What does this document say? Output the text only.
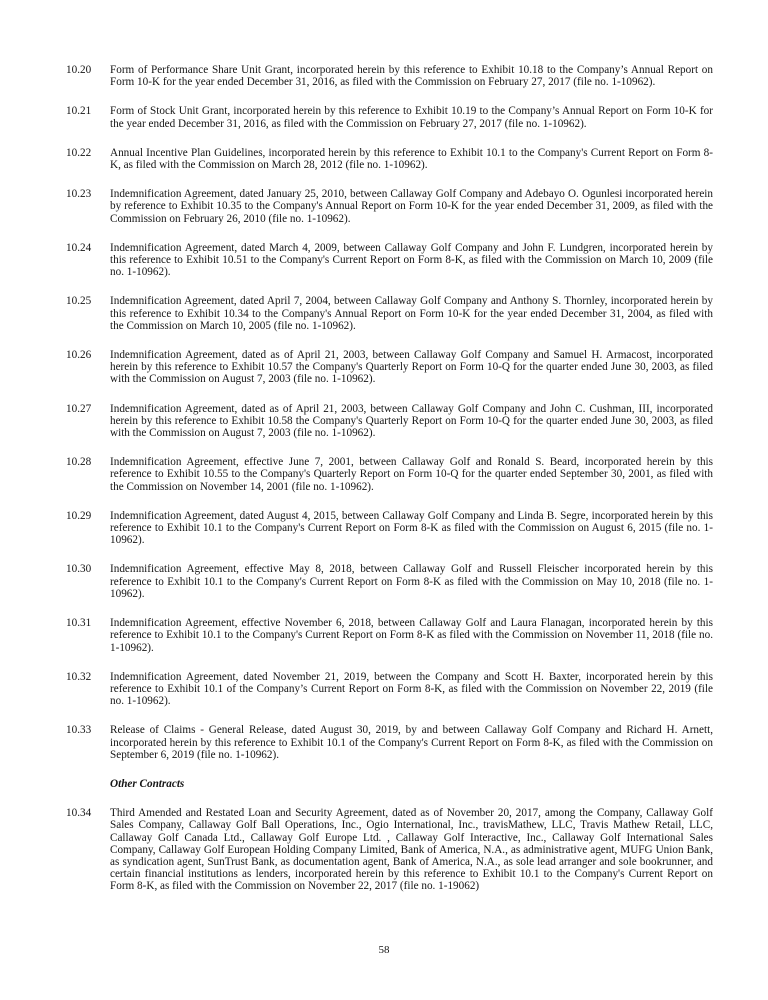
10.20	Form of Performance Share Unit Grant, incorporated herein by this reference to Exhibit 10.18 to the Company’s Annual Report on Form 10-K for the year ended December 31, 2016, as filed with the Commission on February 27, 2017 (file no. 1-10962).

10.21	Form of Stock Unit Grant, incorporated herein by this reference to Exhibit 10.19 to the Company’s Annual Report on Form 10-K for the year ended December 31, 2016, as filed with the Commission on February 27, 2017 (file no. 1-10962).

10.22	Annual Incentive Plan Guidelines, incorporated herein by this reference to Exhibit 10.1 to the Company's Current Report on Form 8-K, as filed with the Commission on March 28, 2012 (file no. 1-10962).

10.23	Indemnification Agreement, dated January 25, 2010, between Callaway Golf Company and Adebayo O. Ogunlesi incorporated herein by reference to Exhibit 10.35 to the Company's Annual Report on Form 10-K for the year ended December 31, 2009, as filed with the Commission on February 26, 2010 (file no. 1-10962).

10.24	Indemnification Agreement, dated March 4, 2009, between Callaway Golf Company and John F. Lundgren, incorporated herein by this reference to Exhibit 10.51 to the Company's Current Report on Form 8-K, as filed with the Commission on March 10, 2009 (file no. 1-10962).

10.25	Indemnification Agreement, dated April 7, 2004, between Callaway Golf Company and Anthony S. Thornley, incorporated herein by this reference to Exhibit 10.34 to the Company's Annual Report on Form 10-K for the year ended December 31, 2004, as filed with the Commission on March 10, 2005 (file no. 1-10962).

10.26	Indemnification Agreement, dated as of April 21, 2003, between Callaway Golf Company and Samuel H. Armacost, incorporated herein by this reference to Exhibit 10.57 the Company's Quarterly Report on Form 10-Q for the quarter ended June 30, 2003, as filed with the Commission on August 7, 2003 (file no. 1-10962).

10.27	Indemnification Agreement, dated as of April 21, 2003, between Callaway Golf Company and John C. Cushman, III, incorporated herein by this reference to Exhibit 10.58 the Company's Quarterly Report on Form 10-Q for the quarter ended June 30, 2003, as filed with the Commission on August 7, 2003 (file no. 1-10962).

10.28	Indemnification Agreement, effective June 7, 2001, between Callaway Golf and Ronald S. Beard, incorporated herein by this reference to Exhibit 10.55 to the Company's Quarterly Report on Form 10-Q for the quarter ended September 30, 2001, as filed with the Commission on November 14, 2001 (file no. 1-10962).

10.29	Indemnification Agreement, dated August 4, 2015, between Callaway Golf Company and Linda B. Segre, incorporated herein by this reference to Exhibit 10.1 to the Company's Current Report on Form 8-K as filed with the Commission on August 6, 2015 (file no. 1-10962).

10.30	Indemnification Agreement, effective May 8, 2018, between Callaway Golf and Russell Fleischer incorporated herein by this reference to Exhibit 10.1 to the Company's Current Report on Form 8-K as filed with the Commission on May 10, 2018 (file no. 1-10962).

10.31	Indemnification Agreement, effective November 6, 2018, between Callaway Golf and Laura Flanagan, incorporated herein by this reference to Exhibit 10.1 to the Company's Current Report on Form 8-K as filed with the Commission on November 11, 2018 (file no. 1-10962).

10.32	Indemnification Agreement, dated November 21, 2019, between the Company and Scott H. Baxter, incorporated herein by this reference to Exhibit 10.1 of the Company’s Current Report on Form 8-K, as filed with the Commission on November 22, 2019 (file no. 1-10962).

10.33	Release of Claims - General Release, dated August 30, 2019, by and between Callaway Golf Company and Richard H. Arnett, incorporated herein by this reference to Exhibit 10.1 of the Company's Current Report on Form 8-K, as filed with the Commission on September 6, 2019 (file no. 1-10962).

Other Contracts

10.34	Third Amended and Restated Loan and Security Agreement, dated as of November 20, 2017, among the Company, Callaway Golf Sales Company, Callaway Golf Ball Operations, Inc., Ogio International, Inc., travisMathew, LLC, Travis Mathew Retail, LLC, Callaway Golf Canada Ltd., Callaway Golf Europe Ltd. , Callaway Golf Interactive, Inc., Callaway Golf International Sales Company, Callaway Golf European Holding Company Limited, Bank of America, N.A., as administrative agent, MUFG Union Bank, as syndication agent, SunTrust Bank, as documentation agent, Bank of America, N.A., as sole lead arranger and sole bookrunner, and certain financial institutions as lenders, incorporated herein by this reference to Exhibit 10.1 to the Company's Current Report on Form 8-K, as filed with the Commission on November 22, 2017 (file no. 1-19062)

58
